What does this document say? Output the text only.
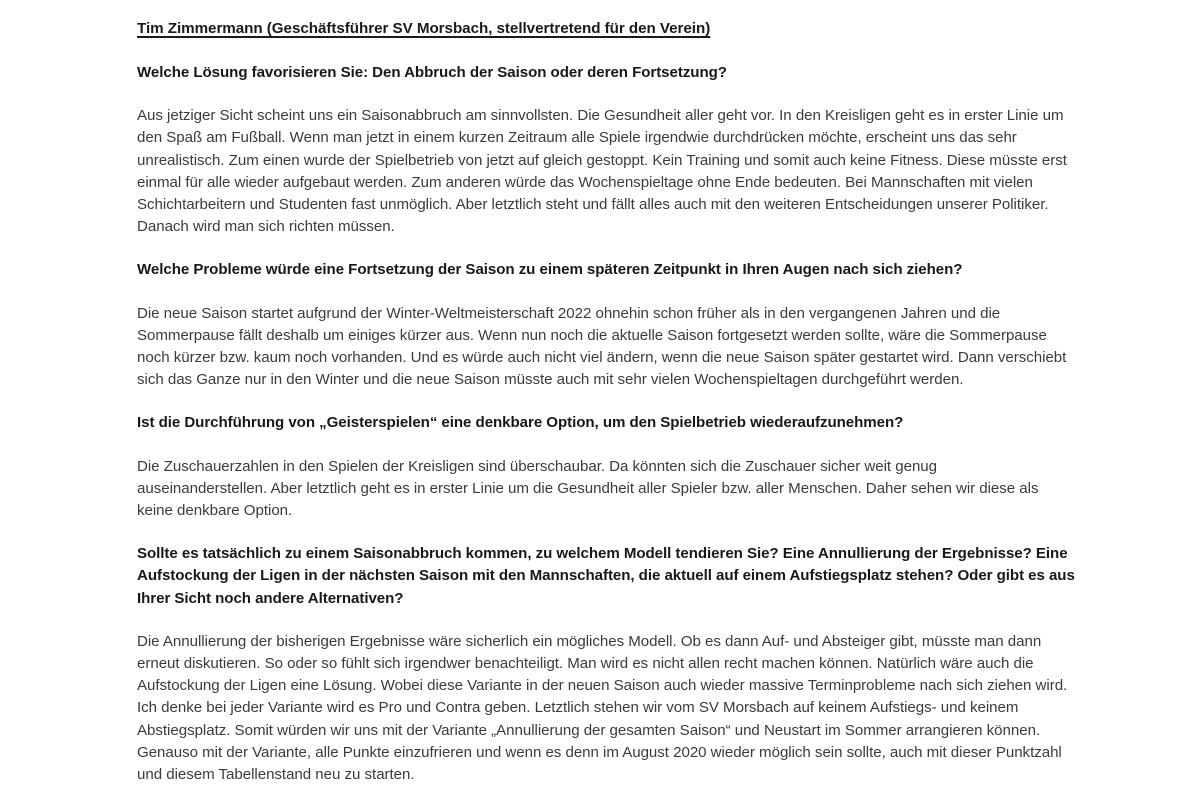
Tim Zimmermann (Geschäftsführer SV Morsbach, stellvertretend für den Verein)
Welche Lösung favorisieren Sie: Den Abbruch der Saison oder deren Fortsetzung?

Aus jetziger Sicht scheint uns ein Saisonabbruch am sinnvollsten. Die Gesundheit aller geht vor. In den Kreisligen geht es in erster Linie um den Spaß am Fußball. Wenn man jetzt in einem kurzen Zeitraum alle Spiele irgendwie durchdrücken möchte, erscheint uns das sehr unrealistisch. Zum einen wurde der Spielbetrieb von jetzt auf gleich gestoppt. Kein Training und somit auch keine Fitness. Diese müsste erst einmal für alle wieder aufgebaut werden. Zum anderen würde das Wochenspieltage ohne Ende bedeuten. Bei Mannschaften mit vielen Schichtarbeitern und Studenten fast unmöglich. Aber letztlich steht und fällt alles auch mit den weiteren Entscheidungen unserer Politiker. Danach wird man sich richten müssen.

Welche Probleme würde eine Fortsetzung der Saison zu einem späteren Zeitpunkt in Ihren Augen nach sich ziehen?

Die neue Saison startet aufgrund der Winter-Weltmeisterschaft 2022 ohnehin schon früher als in den vergangenen Jahren und die Sommerpause fällt deshalb um einiges kürzer aus. Wenn nun noch die aktuelle Saison fortgesetzt werden sollte, wäre die Sommerpause noch kürzer bzw. kaum noch vorhanden. Und es würde auch nicht viel ändern, wenn die neue Saison später gestartet wird. Dann verschiebt sich das Ganze nur in den Winter und die neue Saison müsste auch mit sehr vielen Wochenspieltagen durchgeführt werden.

Ist die Durchführung von „Geisterspielen“ eine denkbare Option, um den Spielbetrieb wiederaufzunehmen?

Die Zuschauerzahlen in den Spielen der Kreisligen sind überschaubar. Da könnten sich die Zuschauer sicher weit genug auseinanderstellen. Aber letztlich geht es in erster Linie um die Gesundheit aller Spieler bzw. aller Menschen. Daher sehen wir diese als keine denkbare Option.

Sollte es tatsächlich zu einem Saisonabbruch kommen, zu welchem Modell tendieren Sie? Eine Annullierung der Ergebnisse? Eine Aufstockung der Ligen in der nächsten Saison mit den Mannschaften, die aktuell auf einem Aufstiegsplatz stehen? Oder gibt es aus Ihrer Sicht noch andere Alternativen?

Die Annullierung der bisherigen Ergebnisse wäre sicherlich ein mögliches Modell. Ob es dann Auf- und Absteiger gibt, müsste man dann erneut diskutieren. So oder so fühlt sich irgendwer benachteiligt. Man wird es nicht allen recht machen können. Natürlich wäre auch die Aufstockung der Ligen eine Lösung. Wobei diese Variante in der neuen Saison auch wieder massive Terminprobleme nach sich ziehen wird. Ich denke bei jeder Variante wird es Pro und Contra geben. Letztlich stehen wir vom SV Morsbach auf keinem Aufstiegs- und keinem Abstiegsplatz. Somit würden wir uns mit der Variante „Annullierung der gesamten Saison“ und Neustart im Sommer arrangieren können. Genauso mit der Variante, alle Punkte einzufrieren und wenn es denn im August 2020 wieder möglich sein sollte, auch mit dieser Punktzahl und diesem Tabellenstand neu zu starten.
